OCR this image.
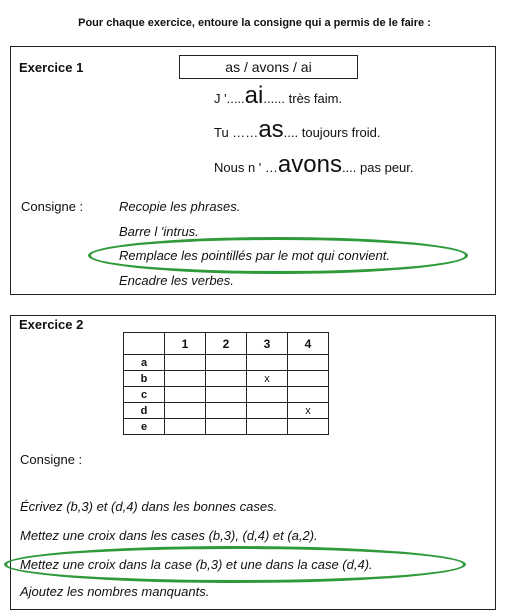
Pour chaque exercice, entoure la consigne qui a permis de le faire :
Exercice 1	as / avons / ai
J '.....ai...... très faim.
Tu ……as.... toujours froid.
Nous n ' …avons.... pas peur.
Consigne :	Recopie les phrases.
Barre l 'intrus.
Remplace les pointillés par le mot qui convient.
Encadre les verbes.
Exercice 2
	1	2	3	4
a				
b			x	
c				
d				x
e				
Consigne :
Écrivez (b,3) et (d,4) dans les bonnes cases.
Mettez une croix dans les cases (b,3), (d,4) et (a,2).
Mettez une croix dans la case (b,3) et une dans la case (d,4).
Ajoutez les nombres manquants.
